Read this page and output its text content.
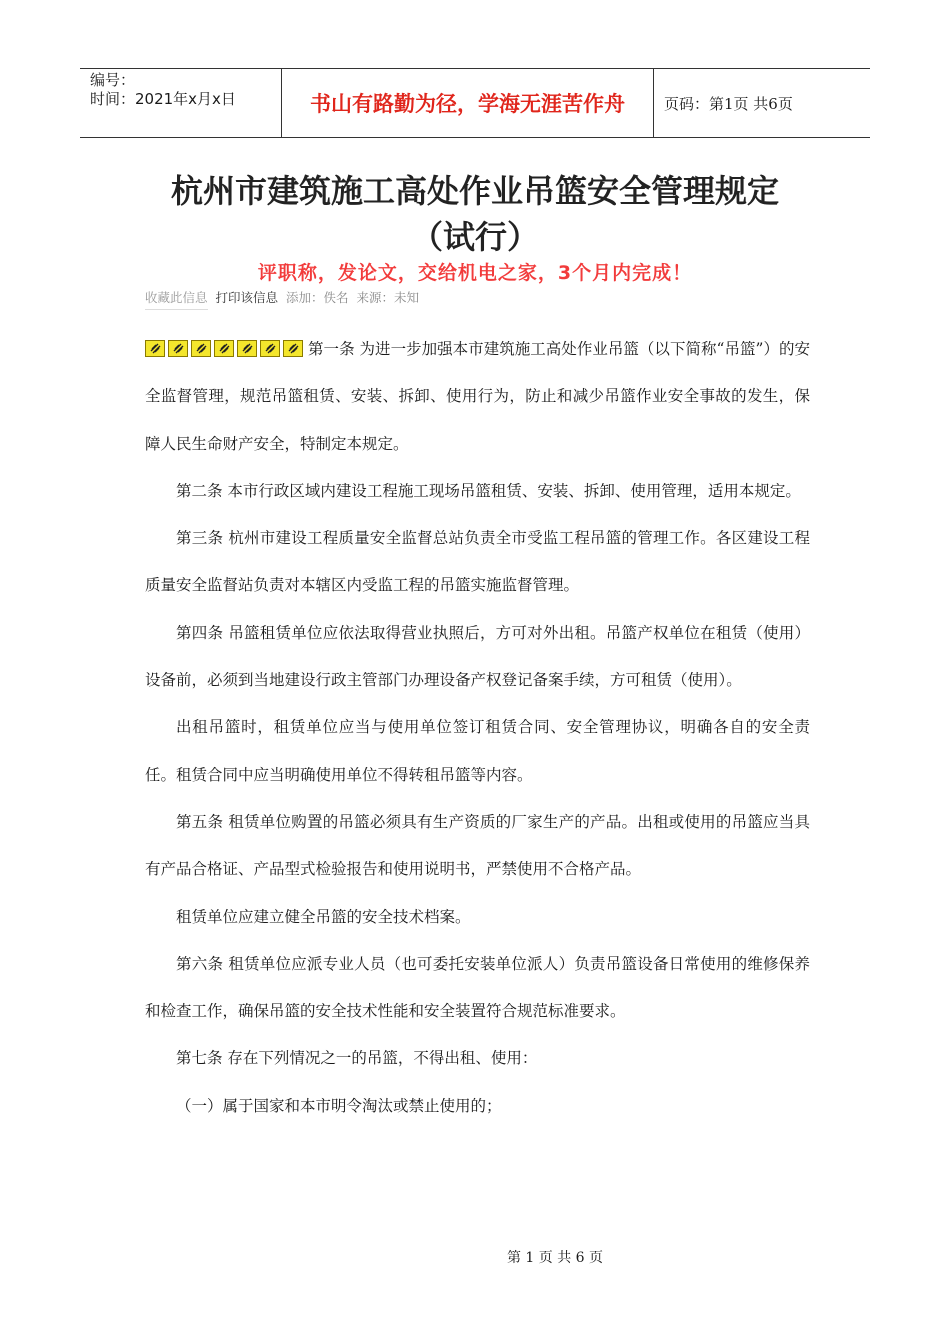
编号：
时间：2021年x月x日	书山有路勤为径，学海无涯苦作舟	页码：第1页 共6页
杭州市建筑施工高处作业吊篮安全管理规定
（试行）
评职称，发论文，交给机电之家，3个月内完成！
收藏此信息 打印该信息 添加：佚名 来源：未知

第一条 为进一步加强本市建筑施工高处作业吊篮（以下简称“吊篮”）的安全监督管理，规范吊篮租赁、安装、拆卸、使用行为，防止和减少吊篮作业安全事故的发生，保障人民生命财产安全，特制定本规定。

第二条 本市行政区域内建设工程施工现场吊篮租赁、安装、拆卸、使用管理，适用本规定。

第三条 杭州市建设工程质量安全监督总站负责全市受监工程吊篮的管理工作。各区建设工程质量安全监督站负责对本辖区内受监工程的吊篮实施监督管理。

第四条 吊篮租赁单位应依法取得营业执照后，方可对外出租。吊篮产权单位在租赁（使用）设备前，必须到当地建设行政主管部门办理设备产权登记备案手续，方可租赁（使用）。

出租吊篮时，租赁单位应当与使用单位签订租赁合同、安全管理协议，明确各自的安全责任。租赁合同中应当明确使用单位不得转租吊篮等内容。

第五条 租赁单位购置的吊篮必须具有生产资质的厂家生产的产品。出租或使用的吊篮应当具有产品合格证、产品型式检验报告和使用说明书，严禁使用不合格产品。

租赁单位应建立健全吊篮的安全技术档案。

第六条 租赁单位应派专业人员（也可委托安装单位派人）负责吊篮设备日常使用的维修保养和检查工作，确保吊篮的安全技术性能和安全装置符合规范标准要求。

第七条 存在下列情况之一的吊篮，不得出租、使用：

（一）属于国家和本市明令淘汰或禁止使用的；

第 1 页 共 6 页
